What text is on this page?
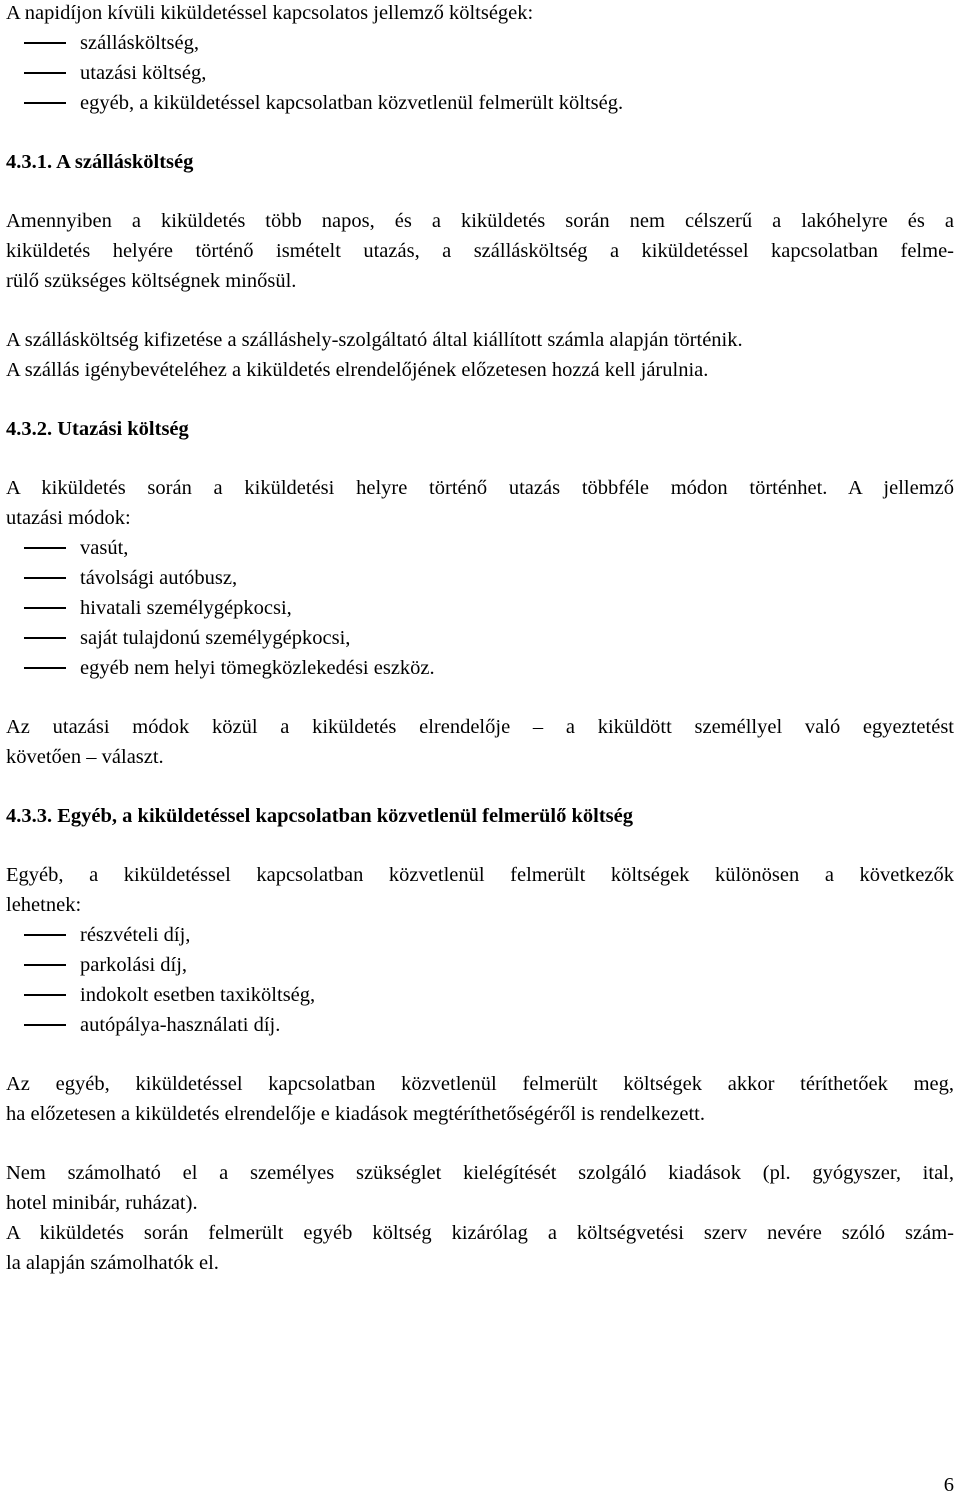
A napidíjon kívüli kiküldetéssel kapcsolatos jellemző költségek:

szállásköltség,
utazási költség,
egyéb, a kiküldetéssel kapcsolatban közvetlenül felmerült költség.

4.3.1. A szállásköltség

Amennyiben a kiküldetés több napos, és a kiküldetés során nem célszerű a lakóhelyre és a
kiküldetés helyére történő ismételt utazás, a szállásköltség a kiküldetéssel kapcsolatban felme-
rülő szükséges költségnek minősül.

A szállásköltség kifizetése a szálláshely-szolgáltató által kiállított számla alapján történik.
A szállás igénybevételéhez a kiküldetés elrendelőjének előzetesen hozzá kell járulnia.

4.3.2. Utazási költség

A kiküldetés során a kiküldetési helyre történő utazás többféle módon történhet. A jellemző
utazási módok:

vasút,
távolsági autóbusz,
hivatali személygépkocsi,
saját tulajdonú személygépkocsi,
egyéb nem helyi tömegközlekedési eszköz.

Az utazási módok közül a kiküldetés elrendelője – a kiküldött személlyel való egyeztetést
követően – választ.

4.3.3. Egyéb, a kiküldetéssel kapcsolatban közvetlenül felmerülő költség

Egyéb, a kiküldetéssel kapcsolatban közvetlenül felmerült költségek különösen a következők
lehetnek:

részvételi díj,
parkolási díj,
indokolt esetben taxiköltség,
autópálya-használati díj.

Az egyéb, kiküldetéssel kapcsolatban közvetlenül felmerült költségek akkor téríthetőek meg,
ha előzetesen a kiküldetés elrendelője e kiadások megtéríthetőségéről is rendelkezett.

Nem számolható el a személyes szükséglet kielégítését szolgáló kiadások (pl. gyógyszer, ital,
hotel minibár, ruházat).
A kiküldetés során felmerült egyéb költség kizárólag a költségvetési szerv nevére szóló szám-
la alapján számolhatók el.

6
